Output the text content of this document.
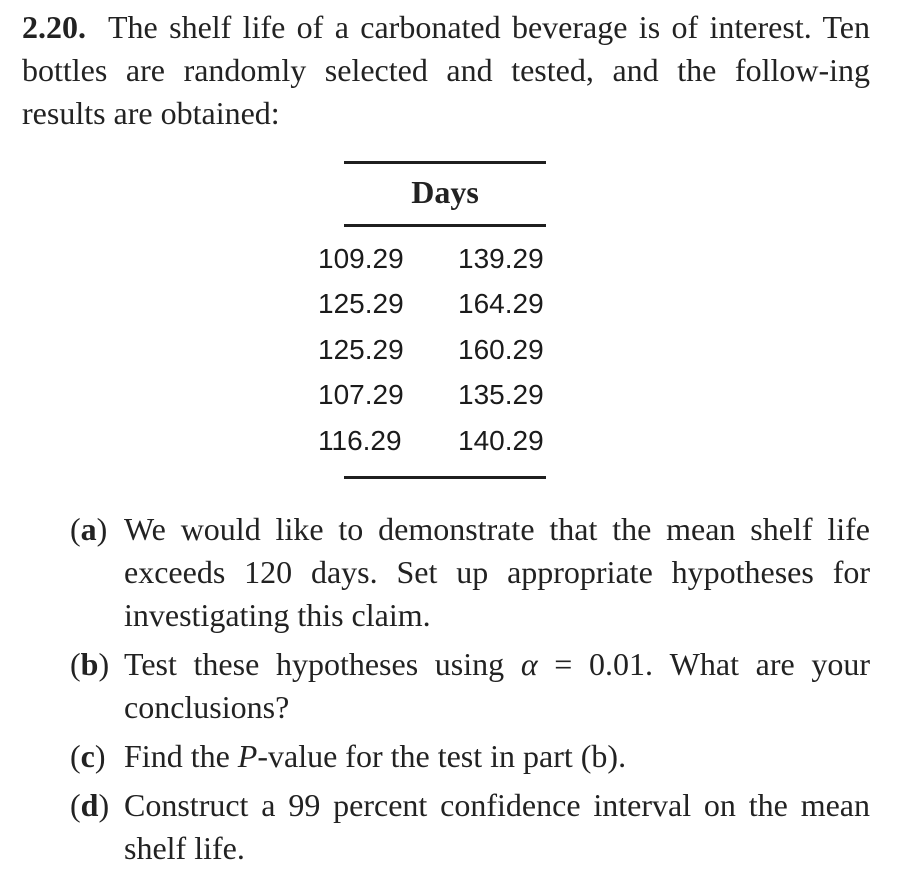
2.20. The shelf life of a carbonated beverage is of interest. Ten bottles are randomly selected and tested, and the follow-ing results are obtained:
Days
109.29	139.29
125.29	164.29
125.29	160.29
107.29	135.29
116.29	140.29
(a) We would like to demonstrate that the mean shelf life exceeds 120 days. Set up appropriate hypotheses for investigating this claim.
(b) Test these hypotheses using α = 0.01. What are your conclusions?
(c) Find the P-value for the test in part (b).
(d) Construct a 99 percent confidence interval on the mean shelf life.
